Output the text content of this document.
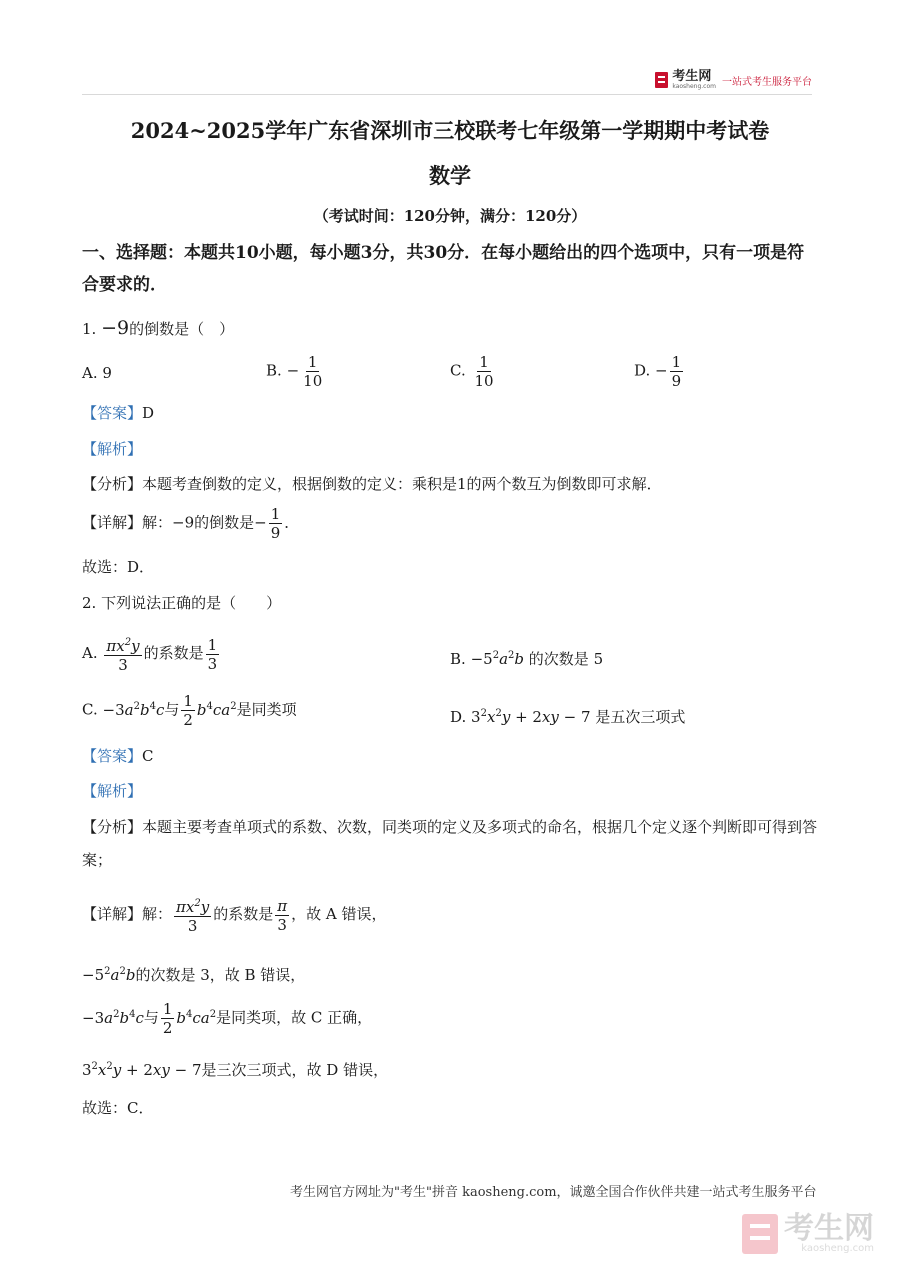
考生网
kaosheng.com 一站式考生服务平台
2024~2025学年广东省深圳市三校联考七年级第一学期期中考试卷
数学
（考试时间：120分钟，满分：120分）
一、选择题：本题共10小题，每小题3分，共30分．在每小题给出的四个选项中，只有一项是符合要求的．
1. −9的倒数是（　）
A. 9	B. − $\frac{1}{10}$	C. $\frac{1}{10}$	D. − $\frac{1}{9}$
【答案】D
【解析】
【分析】本题考查倒数的定义，根据倒数的定义：乘积是1的两个数互为倒数即可求解．
【详解】解：−9的倒数是− $\frac{1}{9}$ ．
故选：D．
2. 下列说法正确的是（　　）
A. $\frac{\pi x^2y}{3}$ 的系数是 $\frac{1}{3}$	B. $-5^2a^2b$ 的次数是 5
C. $-3a^2b^4c$与 $\frac{1}{2} b^4ca^2$是同类项	D. $3^2x^2y + 2xy - 7$ 是五次三项式
【答案】C
【解析】
【分析】本题主要考查单项式的系数、次数，同类项的定义及多项式的命名，根据几个定义逐个判断即可得到答案；
【详解】解： $\frac{\pi x^2y}{3}$ 的系数是 $\frac{\pi}{3}$ ，故 A 错误，
$-5^2a^2b$的次数是 3，故 B 错误，
$-3a^2b^4c$与 $\frac{1}{2} b^4ca^2$是同类项，故 C 正确，
$3^2x^2y + 2xy - 7$是三次三项式，故 D 错误，
故选：C．
考生网官方网址为"考生"拼音 kaosheng.com，诚邀全国合作伙伴共建一站式考生服务平台
考生网
kaosheng.com
